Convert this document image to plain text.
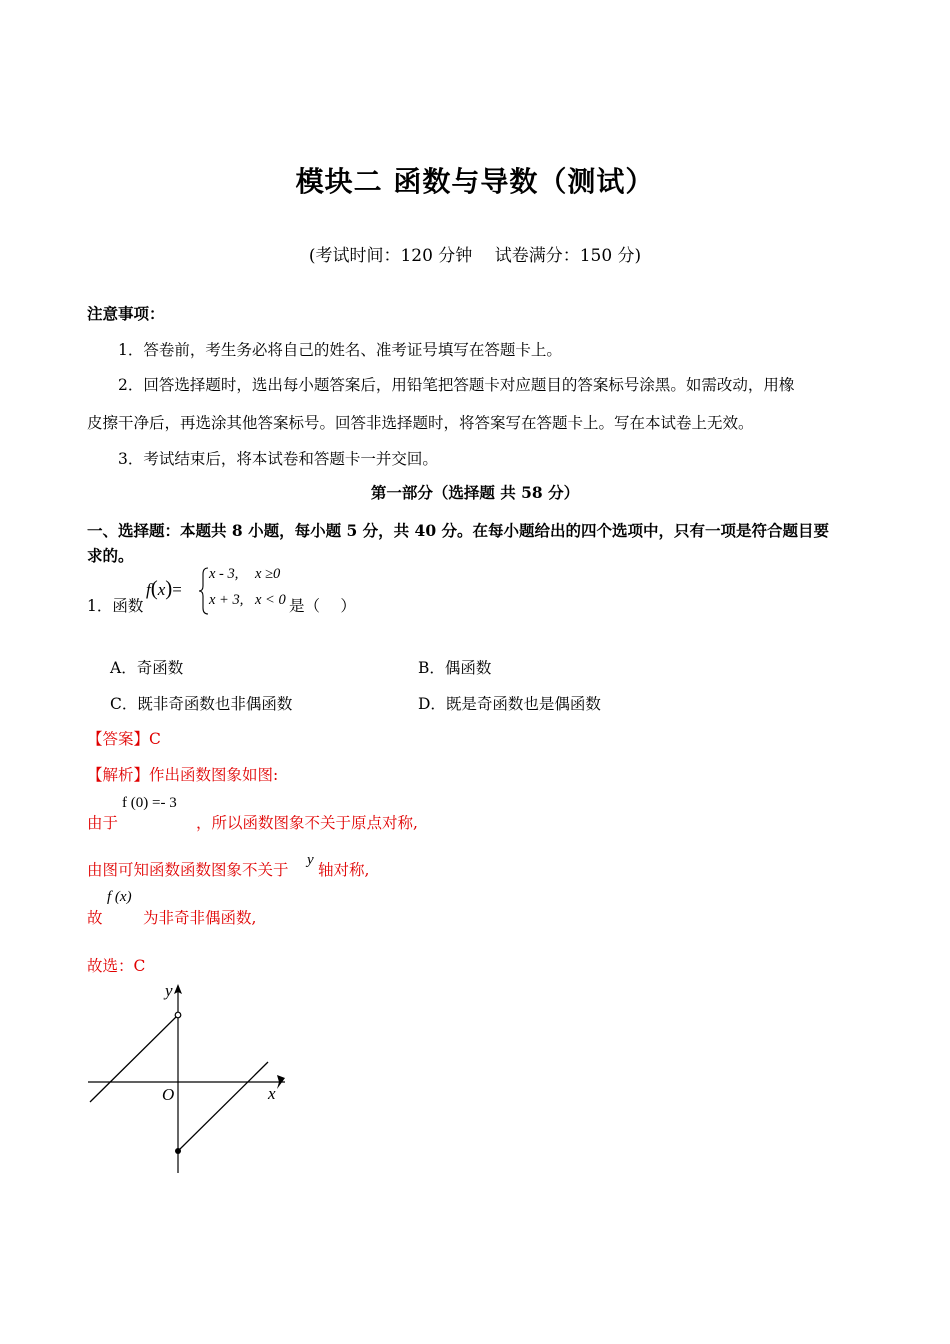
模块二 函数与导数（测试）
(考试时间：120 分钟　 试卷满分：150 分)
注意事项：
1．答卷前，考生务必将自己的姓名、准考证号填写在答题卡上。
2．回答选择题时，选出每小题答案后，用铅笔把答题卡对应题目的答案标号涂黑。如需改动，用橡
皮擦干净后，再选涂其他答案标号。回答非选择题时，将答案写在答题卡上。写在本试卷上无效。
3．考试结束后，将本试卷和答题卡一并交回。
第一部分（选择题 共 58 分）
一、选择题：本题共 8 小题，每小题 5 分，共 40 分。在每小题给出的四个选项中，只有一项是符合题目要
求的。
1．函数
f(x)=
x - 3, x ≥0
x + 3, x < 0 是（　 ）
A．奇函数	B．偶函数
C．既非奇函数也非偶函数	D．既是奇函数也是偶函数
【答案】C
【解析】作出函数图象如图:
由于
f (0) =- 3
，所以函数图象不关于原点对称,
由图可知函数函数图象不关于
y
轴对称,
故
f (x)
为非奇非偶函数,
故选：C
y
x
O
